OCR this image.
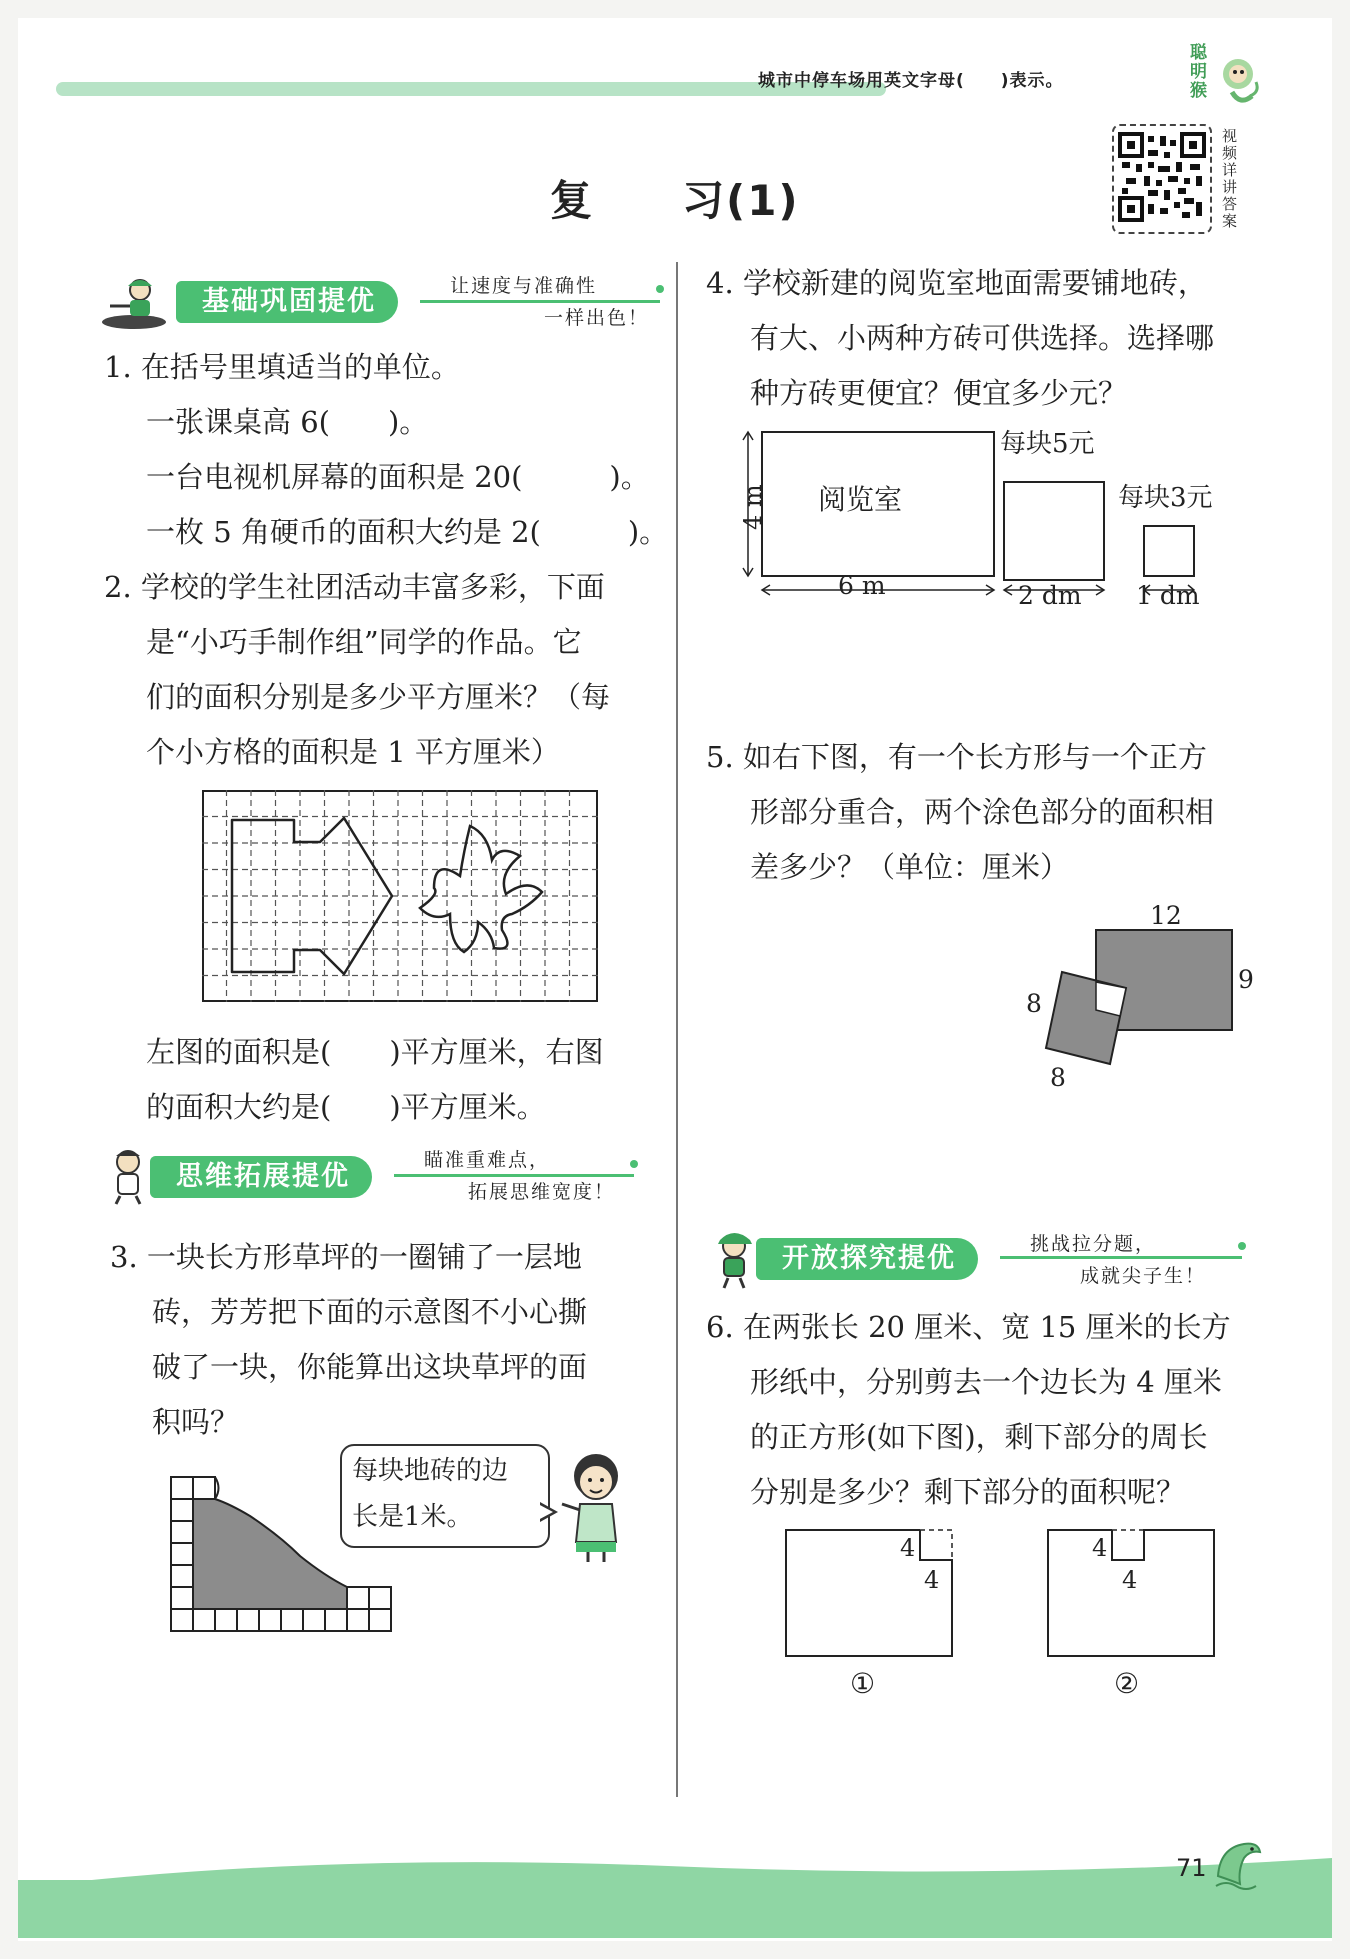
城市中停车场用英文字母(　　)表示。
聪明猴
视频详讲答案
复　　习(1)
基础巩固提优	让速度与准确性
一样出色！
1. 在括号里填适当的单位。
一张课桌高 6(　　)。
一台电视机屏幕的面积是 20(　　　)。
一枚 5 角硬币的面积大约是 2(　　　)。
2. 学校的学生社团活动丰富多彩，下面
是“小巧手制作组”同学的作品。它
们的面积分别是多少平方厘米？（每
个小方格的面积是 1 平方厘米）
左图的面积是(　　)平方厘米，右图
的面积大约是(　　)平方厘米。
思维拓展提优
瞄准重难点，
拓展思维宽度！
3. 一块长方形草坪的一圈铺了一层地
砖，芳芳把下面的示意图不小心撕
破了一块，你能算出这块草坪的面
积吗？
每块地砖的边
长是1米。
4. 学校新建的阅览室地面需要铺地砖，
有大、小两种方砖可供选择。选择哪
种方砖更便宜？便宜多少元？
阅览室
4 m
6 m
每块5元
2 dm
每块3元
1 dm
5. 如右下图，有一个长方形与一个正方
形部分重合，两个涂色部分的面积相
差多少？（单位：厘米）
12
9
8
8
开放探究提优	挑战拉分题，
成就尖子生！
6. 在两张长 20 厘米、宽 15 厘米的长方
形纸中，分别剪去一个边长为 4 厘米
的正方形(如下图)，剩下部分的周长
分别是多少？剩下部分的面积呢？
4
4
①
4
4
②
71
